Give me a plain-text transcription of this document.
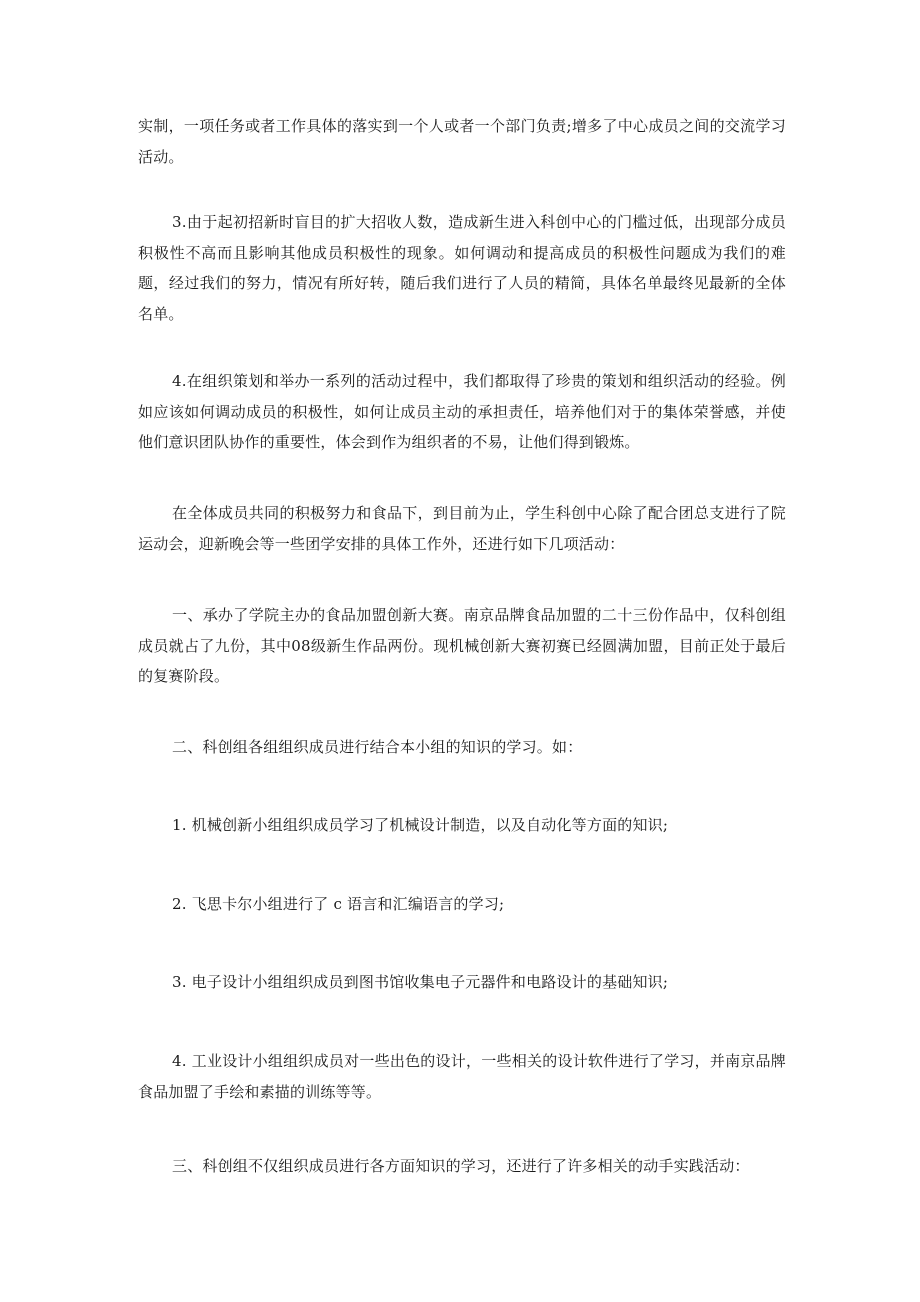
实制，一项任务或者工作具体的落实到一个人或者一个部门负责;增多了中心成员之间的交流学习活动。

3.由于起初招新时盲目的扩大招收人数，造成新生进入科创中心的门槛过低，出现部分成员积极性不高而且影响其他成员积极性的现象。如何调动和提高成员的积极性问题成为我们的难题，经过我们的努力，情况有所好转，随后我们进行了人员的精简，具体名单最终见最新的全体名单。

4.在组织策划和举办一系列的活动过程中，我们都取得了珍贵的策划和组织活动的经验。例如应该如何调动成员的积极性，如何让成员主动的承担责任，培养他们对于的集体荣誉感，并使他们意识团队协作的重要性，体会到作为组织者的不易，让他们得到锻炼。

在全体成员共同的积极努力和食品下，到目前为止，学生科创中心除了配合团总支进行了院运动会，迎新晚会等一些团学安排的具体工作外，还进行如下几项活动：

一、承办了学院主办的食品加盟创新大赛。南京品牌食品加盟的二十三份作品中，仅科创组成员就占了九份，其中08级新生作品两份。现机械创新大赛初赛已经圆满加盟，目前正处于最后的复赛阶段。

二、科创组各组组织成员进行结合本小组的知识的学习。如：

1. 机械创新小组组织成员学习了机械设计制造，以及自动化等方面的知识;

2. 飞思卡尔小组进行了 c 语言和汇编语言的学习;

3. 电子设计小组组织成员到图书馆收集电子元器件和电路设计的基础知识;

4. 工业设计小组组织成员对一些出色的设计，一些相关的设计软件进行了学习，并南京品牌食品加盟了手绘和素描的训练等等。

三、科创组不仅组织成员进行各方面知识的学习，还进行了许多相关的动手实践活动：
